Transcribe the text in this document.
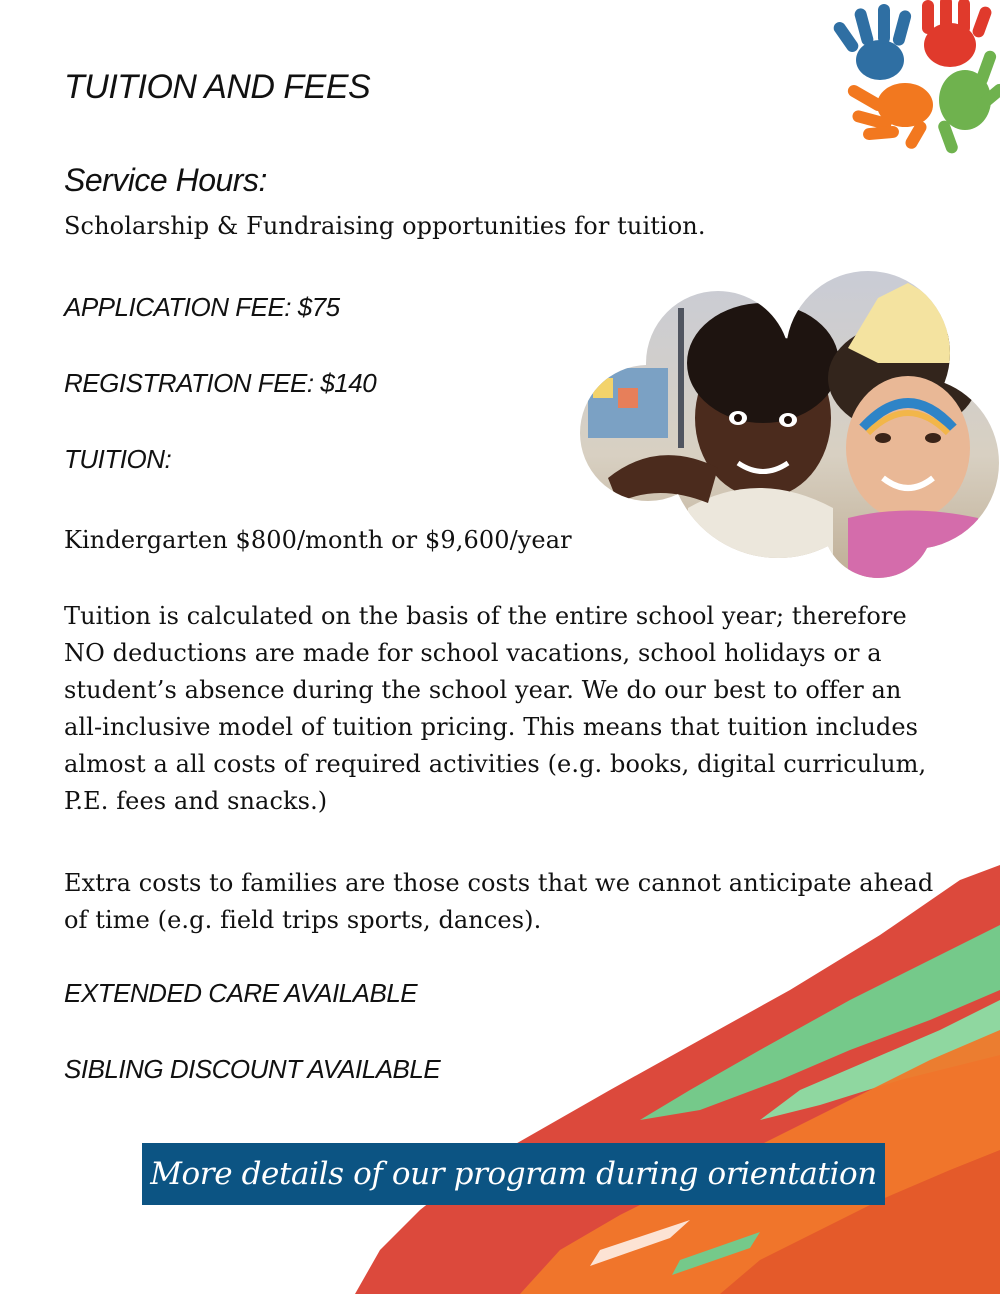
TUITION AND FEES
Service Hours:
Scholarship & Fundraising opportunities for tuition.
APPLICATION FEE: $75
REGISTRATION FEE: $140
TUITION:
Kindergarten $800/month or $9,600/year

Tuition is calculated on the basis of the entire school year; therefore NO deductions are made for school vacations, school holidays or a student’s absence during the school year. We do our best to offer an all-inclusive model of tuition pricing. This means that tuition includes almost a all costs of required activities (e.g. books, digital curriculum, P.E. fees and snacks.)

Extra costs to families are those costs that we cannot anticipate ahead of time (e.g. field trips sports, dances).

EXTENDED CARE AVAILABLE
SIBLING DISCOUNT AVAILABLE
More details of our program during orientation
